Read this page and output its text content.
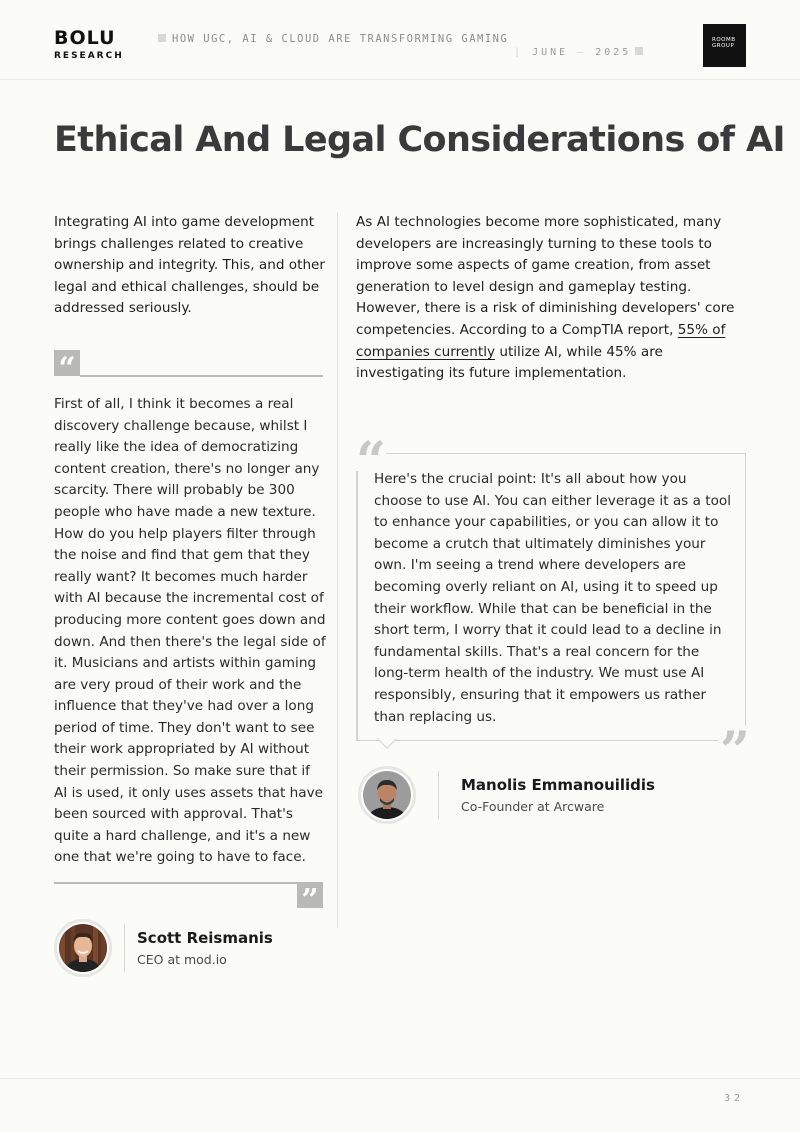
BOLU
RESEARCH
HOW UGC, AI & CLOUD ARE TRANSFORMING GAMING
| JUNE — 2025
ROOMB
GROUP
Ethical And Legal Considerations of AI

Integrating AI into game development brings challenges related to creative ownership and integrity. This, and other legal and ethical challenges, should be addressed seriously.

“

First of all, I think it becomes a real discovery challenge because, whilst I really like the idea of democratizing content creation, there's no longer any scarcity. There will probably be 300 people who have made a new texture. How do you help players filter through the noise and find that gem that they really want? It becomes much harder with AI because the incremental cost of producing more content goes down and down. And then there's the legal side of it. Musicians and artists within gaming are very proud of their work and the influence that they've had over a long period of time. They don't want to see their work appropriated by AI without their permission. So make sure that if AI is used, it only uses assets that have been sourced with approval. That's quite a hard challenge, and it's a new one that we're going to have to face.

”
Scott Reismanis
CEO at mod.io

As AI technologies become more sophisticated, many developers are increasingly turning to these tools to improve some aspects of game creation, from asset generation to level design and gameplay testing. However, there is a risk of diminishing developers' core competencies. According to a CompTIA report, 55% of companies currently utilize AI, while 45% are investigating its future implementation.

“
”

Here's the crucial point: It's all about how you choose to use AI. You can either leverage it as a tool to enhance your capabilities, or you can allow it to become a crutch that ultimately diminishes your own. I'm seeing a trend where developers are becoming overly reliant on AI, using it to speed up their workflow. While that can be beneficial in the short term, I worry that it could lead to a decline in fundamental skills. That's a real concern for the long-term health of the industry. We must use AI responsibly, ensuring that it empowers us rather than replacing us.

Manolis Emmanouilidis
Co-Founder at Arcware
32
